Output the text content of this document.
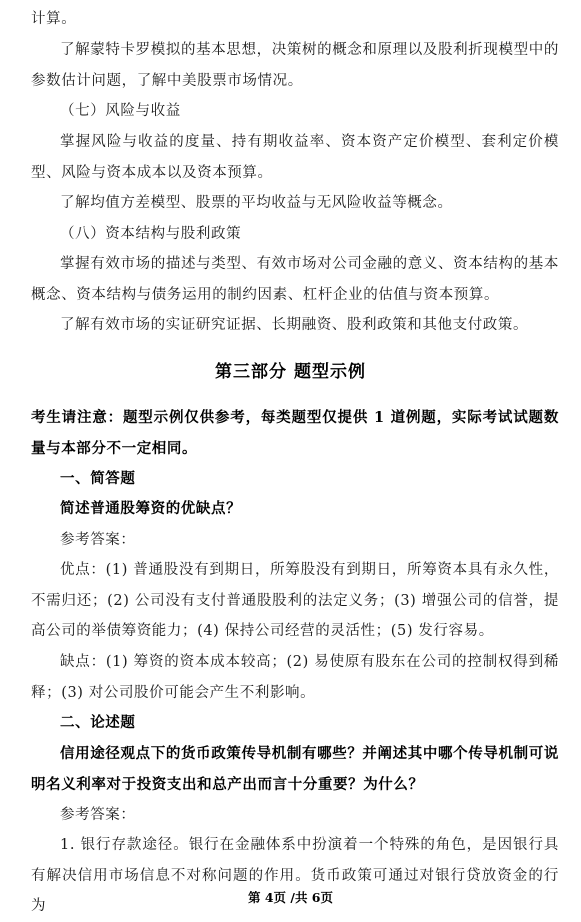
计算。

了解蒙特卡罗模拟的基本思想，决策树的概念和原理以及股利折现模型中的参数估计问题，了解中美股票市场情况。

（七）风险与收益

掌握风险与收益的度量、持有期收益率、资本资产定价模型、套利定价模型、风险与资本成本以及资本预算。

了解均值方差模型、股票的平均收益与无风险收益等概念。

（八）资本结构与股利政策

掌握有效市场的描述与类型、有效市场对公司金融的意义、资本结构的基本概念、资本结构与债务运用的制约因素、杠杆企业的估值与资本预算。

了解有效市场的实证研究证据、长期融资、股利政策和其他支付政策。

第三部分 题型示例

考生请注意：题型示例仅供参考，每类题型仅提供 1 道例题，实际考试试题数量与本部分不一定相同。

一、简答题

简述普通股筹资的优缺点？

参考答案：

优点：(1) 普通股没有到期日，所筹股没有到期日，所筹资本具有永久性，不需归还；(2) 公司没有支付普通股股利的法定义务；(3) 增强公司的信誉，提高公司的举债筹资能力；(4) 保持公司经营的灵活性；(5) 发行容易。

缺点：(1) 筹资的资本成本较高；(2) 易使原有股东在公司的控制权得到稀释；(3) 对公司股价可能会产生不利影响。

二、论述题

信用途径观点下的货币政策传导机制有哪些？并阐述其中哪个传导机制可说明名义利率对于投资支出和总产出而言十分重要？为什么？

参考答案：

1. 银行存款途径。银行在金融体系中扮演着一个特殊的角色，是因银行具有解决信用市场信息不对称问题的作用。货币政策可通过对银行贷放资金的行为

第 4页 /共 6页
